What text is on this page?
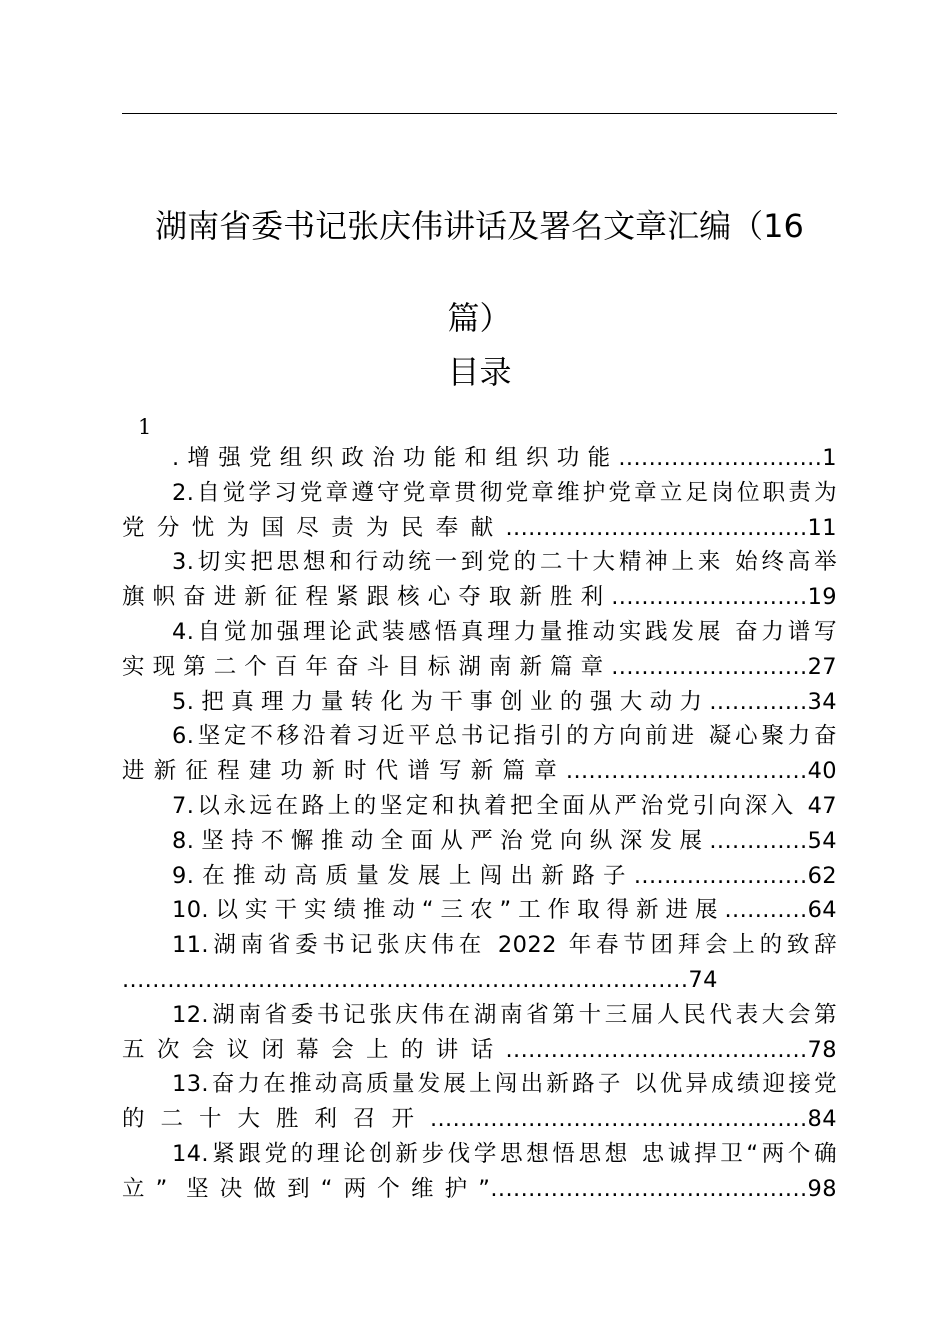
湖南省委书记张庆伟讲话及署名文章汇编（16
篇）
目录
1
.增强党组织政治功能和组织功能...........................1
2.自觉学习党章遵守党章贯彻党章维护党章立足岗位职责为
党分忧为国尽责为民奉献........................................11
3.切实把思想和行动统一到党的二十大精神上来 始终高举
旗帜奋进新征程紧跟核心夺取新胜利..........................19
4.自觉加强理论武装感悟真理力量推动实践发展 奋力谱写
实现第二个百年奋斗目标湖南新篇章..........................27
5.把真理力量转化为干事创业的强大动力.............34
6.坚定不移沿着习近平总书记指引的方向前进 凝心聚力奋
进新征程建功新时代谱写新篇章................................40
7.以永远在路上的坚定和执着把全面从严治党引向深入 47
8.坚持不懈推动全面从严治党向纵深发展.............54
9.在推动高质量发展上闯出新路子.......................62
10.以实干实绩推动“三农”工作取得新进展...........64
11.湖南省委书记张庆伟在 2022 年春节团拜会上的致辞
...........................................................................74
12.湖南省委书记张庆伟在湖南省第十三届人民代表大会第
五次会议闭幕会上的讲话........................................78
13.奋力在推动高质量发展上闯出新路子 以优异成绩迎接党
的二十大胜利召开..................................................84
14.紧跟党的理论创新步伐学思想悟思想 忠诚捍卫“两个确
立” 坚决做到“两个维护”..........................................98
